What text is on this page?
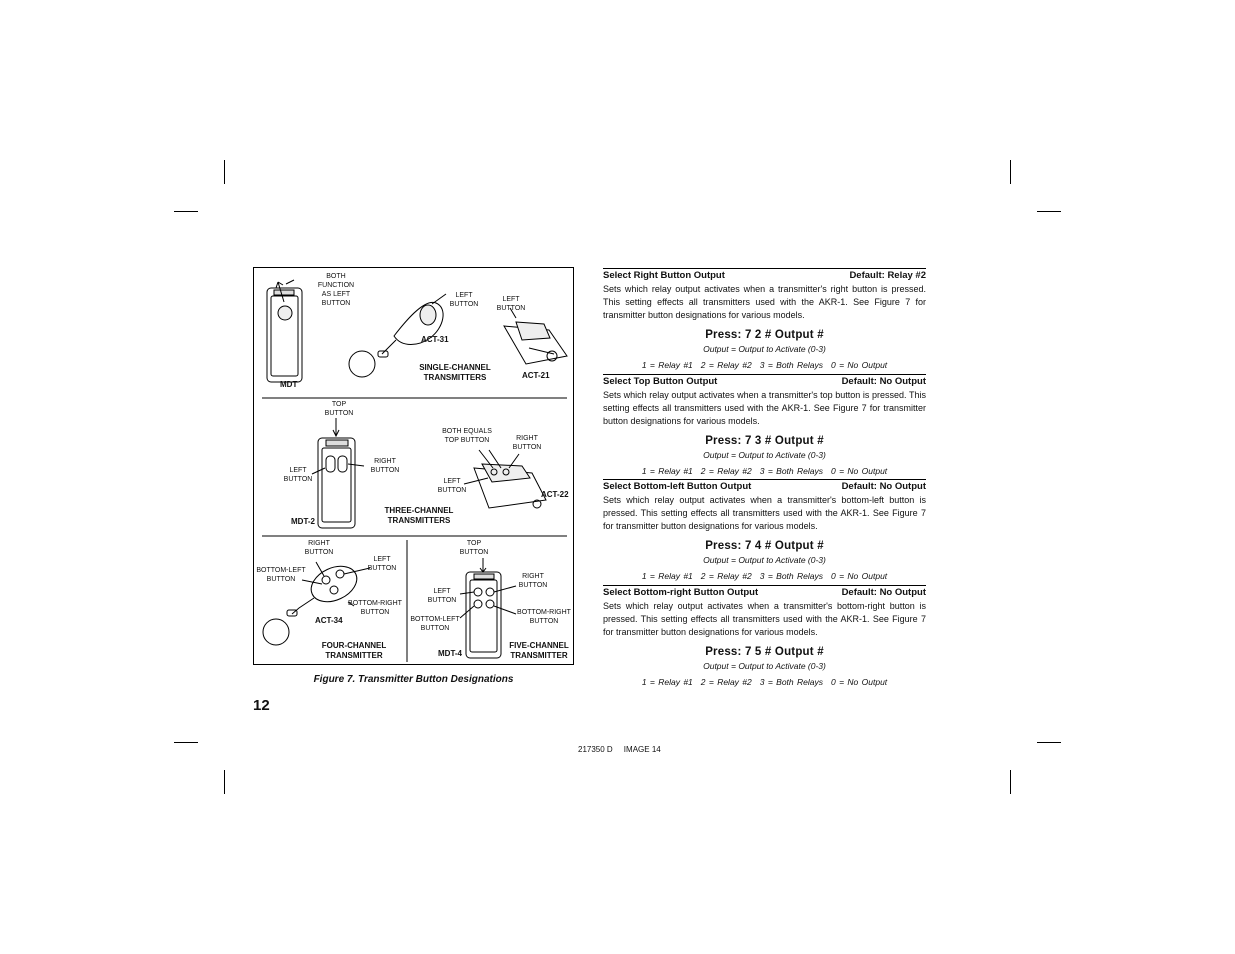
SINGLE-CHANNEL TRANSMITTERS
THREE-CHANNEL TRANSMITTERS
FOUR-CHANNEL TRANSMITTER
FIVE-CHANNEL TRANSMITTER
MDT
ACT-31
ACT-21
MDT-2
ACT-22
ACT-34
MDT-4
BOTH FUNCTION AS LEFT BUTTON
LEFT BUTTON
LEFT BUTTON
TOP BUTTON
LEFT BUTTON
RIGHT BUTTON
BOTH EQUALS TOP BUTTON	RIGHT BUTTON
LEFT BUTTON
RIGHT BUTTON
LEFT BUTTON
BOTTOM-LEFT BUTTON
BOTTOM-RIGHT BUTTON
TOP BUTTON
LEFT BUTTON
RIGHT BUTTON
BOTTOM-LEFT BUTTON
BOTTOM-RIGHT BUTTON
Figure 7. Transmitter Button Designations
12
217350 D     IMAGE 14
Select Right Button Output	Default: Relay #2
Sets which relay output activates when a transmitter's right button is pressed. This setting effects all transmitters used with the AKR-1. See Figure 7 for transmitter button designations for various models.
Press: 7 2 # Output #
Output = Output to Activate (0-3)
1 = Relay #1 2 = Relay #2 3 = Both Relays 0 = No Output
Select Top Button Output	Default: No Output
Sets which relay output activates when a transmitter's top button is pressed. This setting effects all transmitters used with the AKR-1. See Figure 7 for transmitter button designations for various models.
Press: 7 3 # Output #
Output = Output to Activate (0-3)
1 = Relay #1 2 = Relay #2 3 = Both Relays 0 = No Output
Select Bottom-left Button Output	Default: No Output
Sets which relay output activates when a transmitter's bottom-left button is pressed. This setting effects all transmitters used with the AKR-1. See Figure 7 for transmitter button designations for various models.
Press: 7 4 # Output #
Output = Output to Activate (0-3)
1 = Relay #1 2 = Relay #2 3 = Both Relays 0 = No Output
Select Bottom-right Button Output	Default: No Output
Sets which relay output activates when a transmitter's bottom-right button is pressed. This setting effects all transmitters used with the AKR-1. See Figure 7 for transmitter button designations for various models.
Press: 7 5 # Output #
Output = Output to Activate (0-3)
1 = Relay #1 2 = Relay #2 3 = Both Relays 0 = No Output
